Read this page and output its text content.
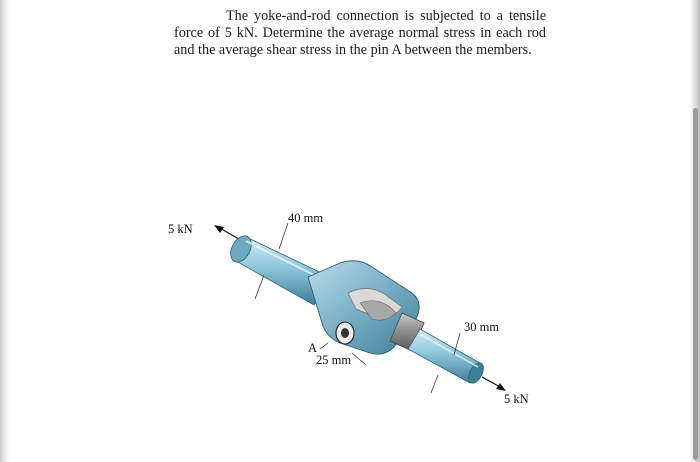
The yoke-and-rod connection is subjected to a tensile force of 5 kN. Determine the average normal stress in each rod and the average shear stress in the pin A between the members.

5 kN
40 mm
30 mm
A
25 mm
5 kN
